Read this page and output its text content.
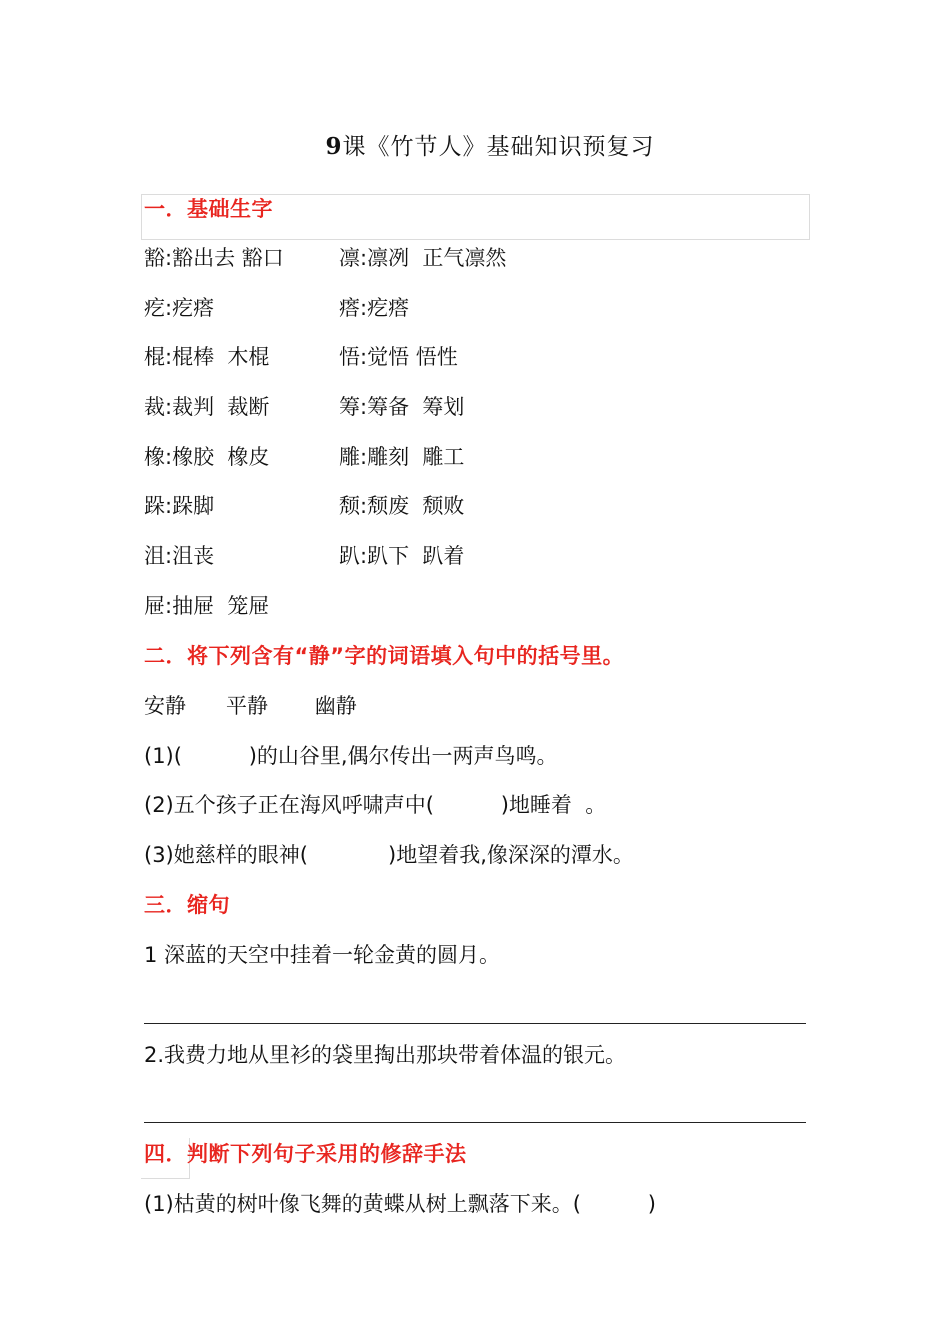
9课《竹节人》基础知识预复习
一．基础生字
豁:豁出去 豁口	凛:凛冽  正气凛然
疙:疙瘩	瘩:疙瘩
棍:棍棒  木棍	悟:觉悟 悟性
裁:裁判  裁断	筹:筹备  筹划
橡:橡胶  橡皮	雕:雕刻  雕工
跺:跺脚	颓:颓废  颓败
沮:沮丧	趴:趴下  趴着
屉:抽屉  笼屉
二．将下列含有“静”字的词语填入句中的括号里。
安静      平静       幽静
(1)(          )的山谷里,偶尔传出一两声鸟鸣。
(2)五个孩子正在海风呼啸声中(          )地睡着  。
(3)她慈样的眼神(            )地望着我,像深深的潭水。
三．缩句
1 深蓝的天空中挂着一轮金黄的圆月。
2.我费力地从里衫的袋里掏出那块带着体温的银元。
四．判断下列句子采用的修辞手法
(1)枯黄的树叶像飞舞的黄蝶从树上飘落下来。(          )
